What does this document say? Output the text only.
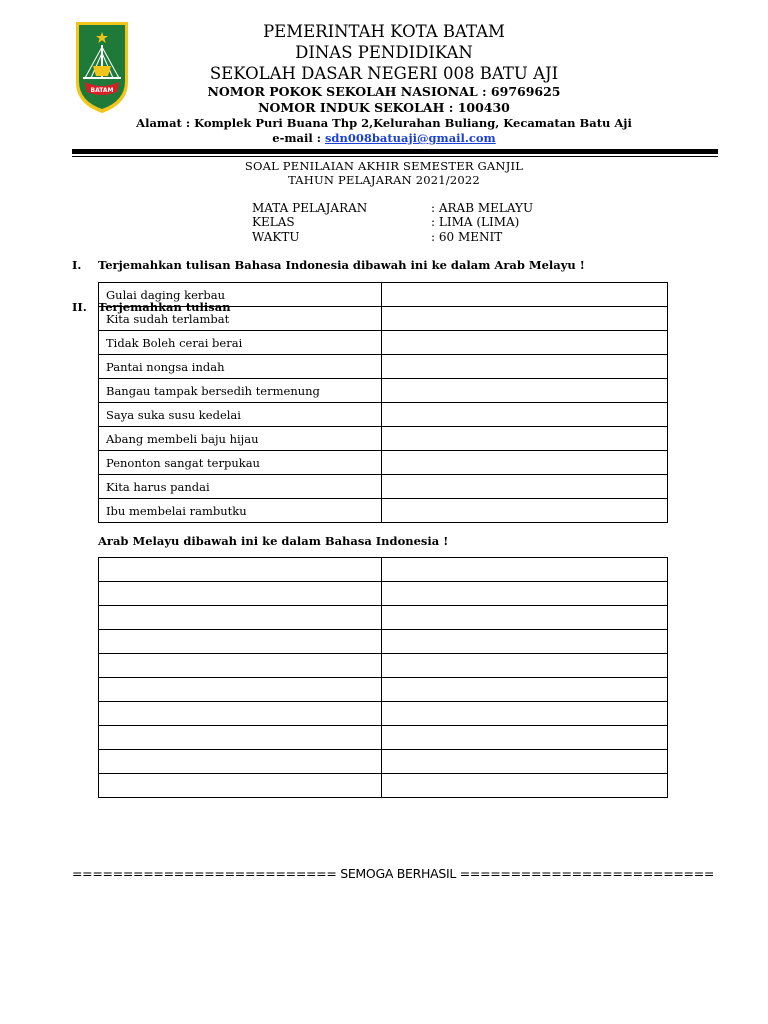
BATAM
PEMERINTAH KOTA BATAM
DINAS PENDIDIKAN
SEKOLAH DASAR NEGERI 008 BATU AJI
NOMOR POKOK SEKOLAH NASIONAL : 69769625
NOMOR INDUK SEKOLAH : 100430
Alamat : Komplek Puri Buana Thp 2,Kelurahan Buliang, Kecamatan Batu Aji
e-mail : sdn008batuaji@gmail.com
SOAL PENILAIAN AKHIR SEMESTER GANJIL
TAHUN PELAJARAN 2021/2022
MATA PELAJARAN	: ARAB MELAYU
KELAS	: LIMA (LIMA)
WAKTU	: 60 MENIT
I. Terjemahkan tulisan Bahasa Indonesia dibawah ini ke dalam Arab Melayu !
Gulai daging kerbau	
Kita sudah terlambat	
Tidak Boleh cerai berai	
Pantai nongsa indah	
Bangau tampak bersedih termenung	
Saya suka susu kedelai	
Abang membeli baju hijau	
Penonton sangat terpukau	
Kita harus pandai	
Ibu membelai rambutku	
II. Terjemahkan tulisan
Arab Melayu dibawah ini ke dalam Bahasa Indonesia !

========================== SEMOGA BERHASIL =========================
